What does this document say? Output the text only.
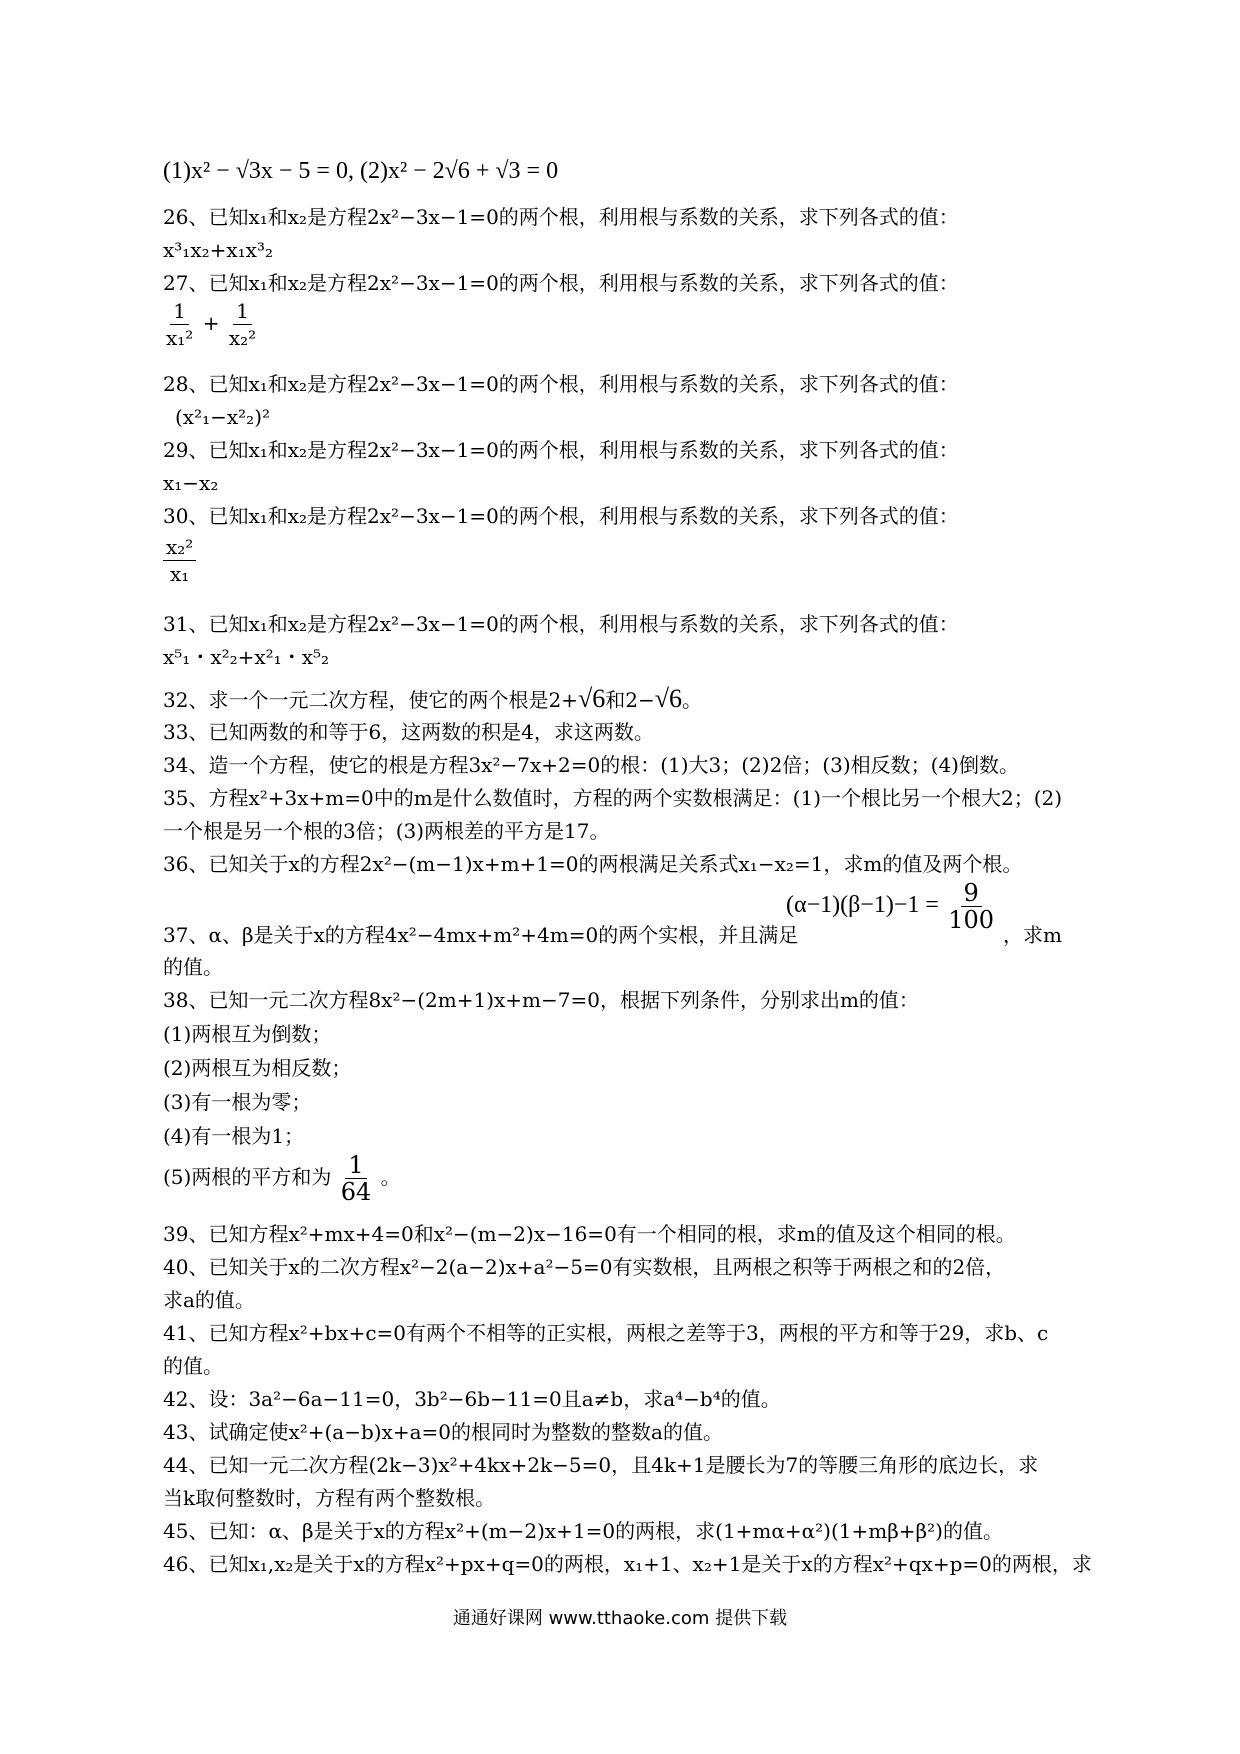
(1)x² − √3x − 5 = 0, (2)x² − 2√6 + √3 = 0
26、已知x₁和x₂是方程2x²−3x−1=0的两个根，利用根与系数的关系，求下列各式的值：
x³₁x₂+x₁x³₂
27、已知x₁和x₂是方程2x²−3x−1=0的两个根，利用根与系数的关系，求下列各式的值：
$\frac{1}{\text{x₁²}} + \frac{1}{\text{x₂²}}$
28、已知x₁和x₂是方程2x²−3x−1=0的两个根，利用根与系数的关系，求下列各式的值：
(x²₁−x²₂)²
29、已知x₁和x₂是方程2x²−3x−1=0的两个根，利用根与系数的关系，求下列各式的值：
x₁−x₂
30、已知x₁和x₂是方程2x²−3x−1=0的两个根，利用根与系数的关系，求下列各式的值：
$\frac{\text{x₂²}}{\text{x₁}}$
31、已知x₁和x₂是方程2x²−3x−1=0的两个根，利用根与系数的关系，求下列各式的值：
x⁵₁・x²₂+x²₁・x⁵₂
32、求一个一元二次方程，使它的两个根是2+√6和2−√6。
33、已知两数的和等于6，这两数的积是4，求这两数。
34、造一个方程，使它的根是方程3x²−7x+2=0的根：(1)大3；(2)2倍；(3)相反数；(4)倒数。
35、方程x²+3x+m=0中的m是什么数值时，方程的两个实数根满足：(1)一个根比另一个根大2；(2)
一个根是另一个根的3倍；(3)两根差的平方是17。
36、已知关于x的方程2x²−(m−1)x+m+1=0的两根满足关系式x₁−x₂=1，求m的值及两个根。
$(\alpha-1)(\beta-1)-1 = \frac{9}{100}$
37、α、β是关于x的方程4x²−4mx+m²+4m=0的两个实根，并且满足	，求m
的值。
38、已知一元二次方程8x²−(2m+1)x+m−7=0，根据下列条件，分别求出m的值：
(1)两根互为倒数；
(2)两根互为相反数；
(3)有一根为零；
(4)有一根为1；
(5)两根的平方和为 $\frac{1}{64}$ 。
39、已知方程x²+mx+4=0和x²−(m−2)x−16=0有一个相同的根，求m的值及这个相同的根。
40、已知关于x的二次方程x²−2(a−2)x+a²−5=0有实数根，且两根之积等于两根之和的2倍，
求a的值。
41、已知方程x²+bx+c=0有两个不相等的正实根，两根之差等于3，两根的平方和等于29，求b、c
的值。
42、设：3a²−6a−11=0，3b²−6b−11=0且a≠b，求a⁴−b⁴的值。
43、试确定使x²+(a−b)x+a=0的根同时为整数的整数a的值。
44、已知一元二次方程(2k−3)x²+4kx+2k−5=0，且4k+1是腰长为7的等腰三角形的底边长，求
当k取何整数时，方程有两个整数根。
45、已知：α、β是关于x的方程x²+(m−2)x+1=0的两根，求(1+mα+α²)(1+mβ+β²)的值。
46、已知x₁,x₂是关于x的方程x²+px+q=0的两根，x₁+1、x₂+1是关于x的方程x²+qx+p=0的两根，求
通通好课网 www.tthaoke.com 提供下载
